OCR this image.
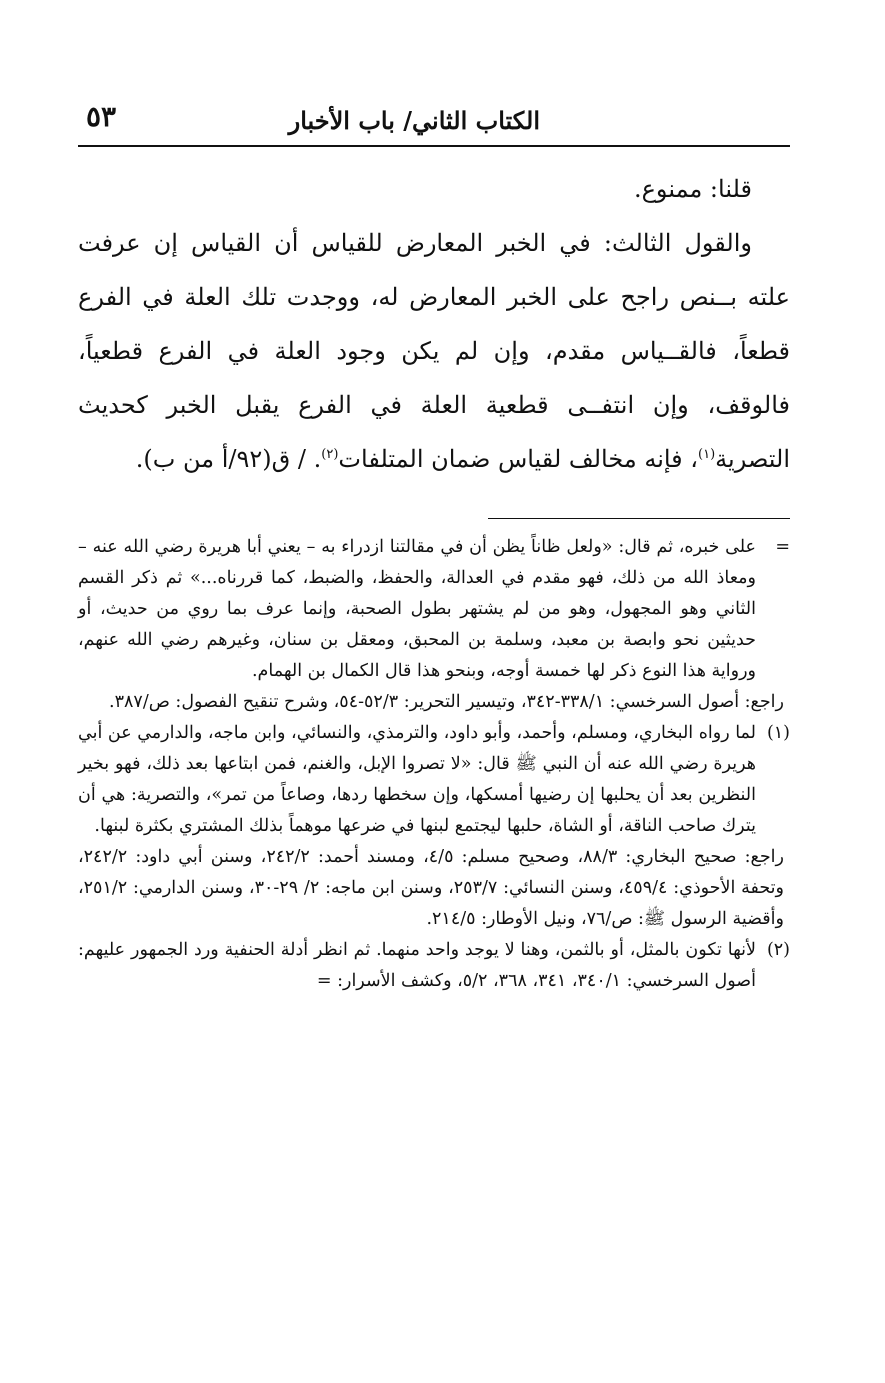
الكتاب الثاني/ باب الأخبار
٥٣

قلنا: ممنوع.

والقول الثالث: في الخبر المعارض للقياس أن القياس إن عرفت علته بــنص راجح على الخبر المعارض له، ووجدت تلك العلة في الفرع قطعاً، فالقــياس مقدم، وإن لم يكن وجود العلة في الفرع قطعياً، فالوقف، وإن انتفــى قطعية العلة في الفرع يقبل الخبر كحديث التصرية$^{(١)}$، فإنه مخالف لقياس ضمان المتلفات$^{(٢)}$. / ق(٩٢/أ من ب).

=
على خبره، ثم قال: «ولعل ظاناً يظن أن في مقالتنا ازدراء به – يعني أبا هريرة رضي الله عنه – ومعاذ الله من ذلك، فهو مقدم في العدالة، والحفظ، والضبط، كما قررناه...» ثم ذكر القسم الثاني وهو المجهول، وهو من لم يشتهر بطول الصحبة، وإنما عرف بما روي من حديث، أو حديثين نحو وابصة بن معبد، وسلمة بن المحبق، ومعقل بن سنان، وغيرهم رضي الله عنهم، ورواية هذا النوع ذكر لها خمسة أوجه، وبنحو هذا قال الكمال بن الهمام.

راجع: أصول السرخسي: ٣٣٨/١-٣٤٢، وتيسير التحرير: ٥٢/٣-٥٤، وشرح تنقيح الفصول: ص/٣٨٧.

(١)
لما رواه البخاري، ومسلم، وأحمد، وأبو داود، والترمذي، والنسائي، وابن ماجه، والدارمي عن أبي هريرة رضي الله عنه أن النبي ﷺ قال: «لا تصروا الإبل، والغنم، فمن ابتاعها بعد ذلك، فهو بخير النظرين بعد أن يحلبها إن رضيها أمسكها، وإن سخطها ردها، وصاعاً من تمر»، والتصرية: هي أن يترك صاحب الناقة، أو الشاة، حلبها ليجتمع لبنها في ضرعها موهماً بذلك المشتري بكثرة لبنها.

راجع: صحيح البخاري: ٨٨/٣، وصحيح مسلم: ٤/٥، ومسند أحمد: ٢٤٢/٢، وسنن أبي داود: ٢٤٢/٢، وتحفة الأحوذي: ٤٥٩/٤، وسنن النسائي: ٢٥٣/٧، وسنن ابن ماجه: ٢/ ٢٩-٣٠، وسنن الدارمي: ٢٥١/٢، وأقضية الرسول ﷺ: ص/٧٦، ونيل الأوطار: ٢١٤/٥.

(٢)
لأنها تكون بالمثل، أو بالثمن، وهنا لا يوجد واحد منهما. ثم انظر أدلة الحنفية ورد الجمهور عليهم: أصول السرخسي: ٣٤٠/١، ٣٤١، ٣٦٨، ٥/٢، وكشف الأسرار: =
